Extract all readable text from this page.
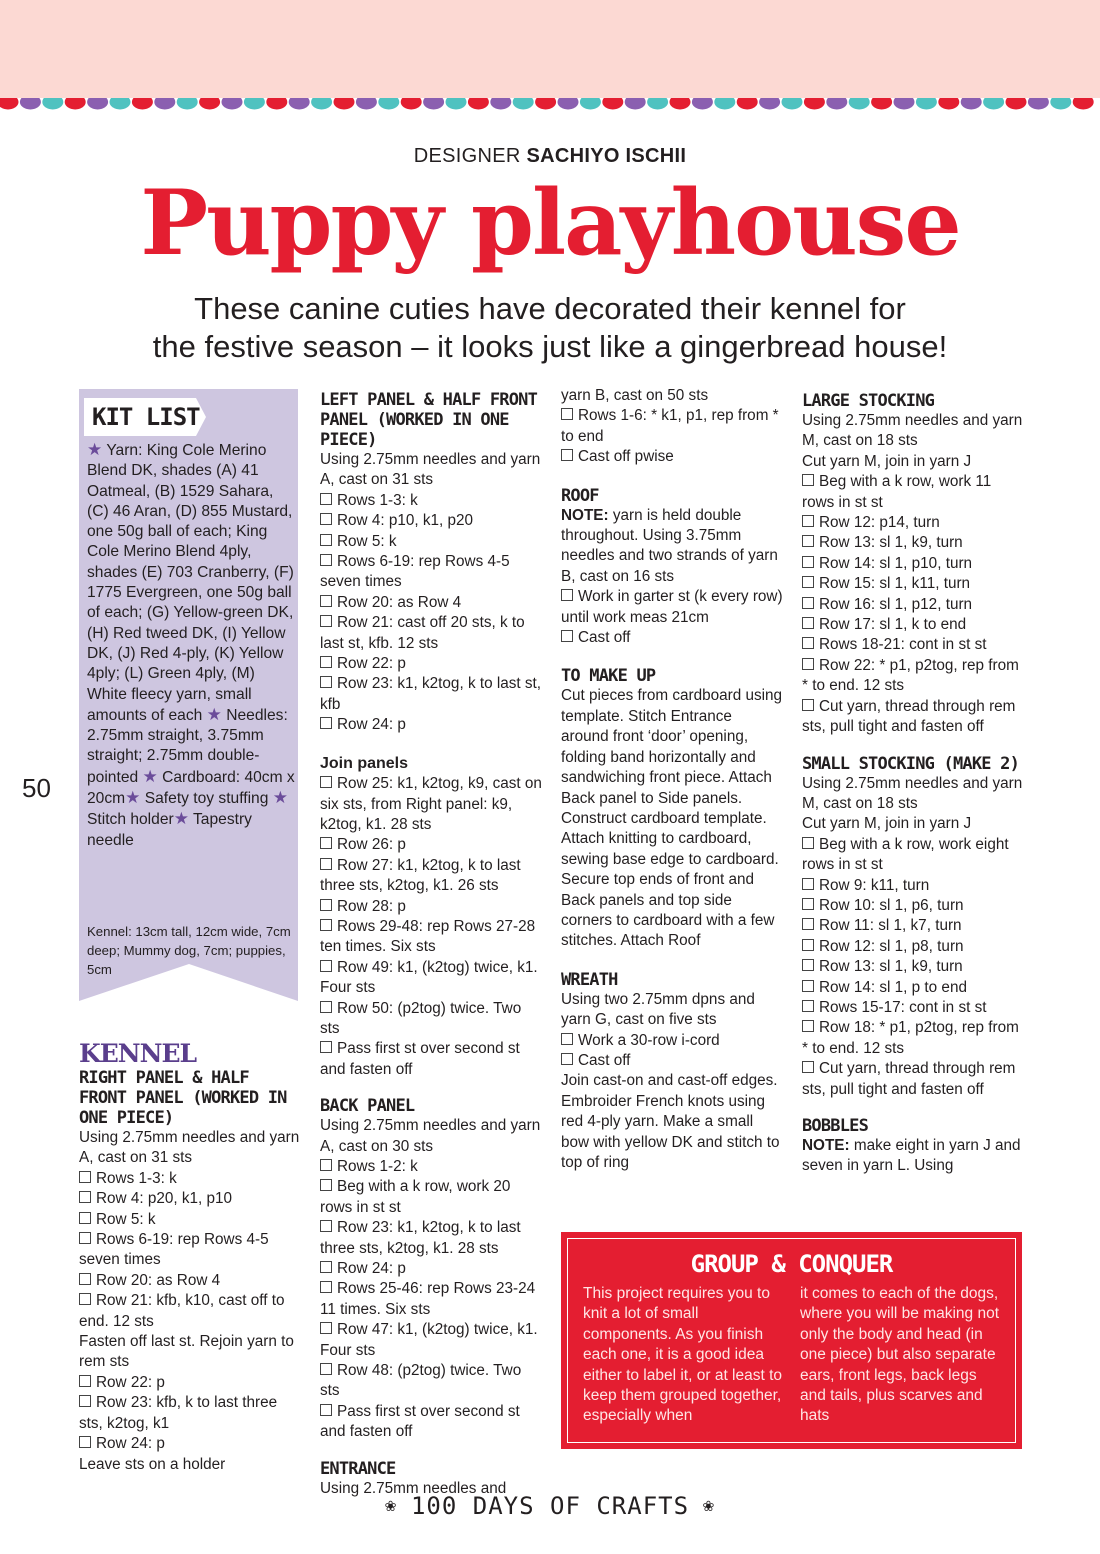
DESIGNER SACHIYO ISCHII
Puppy playhouse
These canine cuties have decorated their kennel for
the festive season – it looks just like a gingerbread house!
50
KIT LIST

★ Yarn: King Cole Merino Blend DK, shades (A) 41 Oatmeal, (B) 1529 Sahara, (C) 46 Aran, (D) 855 Mustard, one 50g ball of each; King Cole Merino Blend 4ply, shades (E) 703 Cranberry, (F) 1775 Evergreen, one 50g ball of each; (G) Yellow-green DK, (H) Red tweed DK, (I) Yellow DK, (J) Red 4-ply, (K) Yellow 4ply; (L) Green 4ply, (M) White fleecy yarn, small amounts of each ★ Needles: 2.75mm straight, 3.75mm straight; 2.75mm double-pointed ★ Cardboard: 40cm x 20cm★ Safety toy stuffing ★ Stitch holder★ Tapestry needle

Kennel: 13cm tall, 12cm wide, 7cm deep; Mummy dog, 7cm; puppies, 5cm
KENNEL

RIGHT PANEL & HALF FRONT PANEL (WORKED IN ONE PIECE)

Using 2.75mm needles and yarn A, cast on 31 sts

Rows 1-3: k

Row 4: p20, k1, p10

Row 5: k

Rows 6-19: rep Rows 4-5 seven times

Row 20: as Row 4

Row 21: kfb, k10, cast off to end. 12 sts

Fasten off last st. Rejoin yarn to rem sts

Row 22: p

Row 23: kfb, k to last three sts, k2tog, k1

Row 24: p

Leave sts on a holder

LEFT PANEL & HALF FRONT PANEL (WORKED IN ONE PIECE)

Using 2.75mm needles and yarn A, cast on 31 sts

Rows 1-3: k

Row 4: p10, k1, p20

Row 5: k

Rows 6-19: rep Rows 4-5 seven times

Row 20: as Row 4

Row 21: cast off 20 sts, k to last st, kfb. 12 sts

Row 22: p

Row 23: k1, k2tog, k to last st, kfb

Row 24: p

Join panels

Row 25: k1, k2tog, k9, cast on six sts, from Right panel: k9, k2tog, k1. 28 sts

Row 26: p

Row 27: k1, k2tog, k to last three sts, k2tog, k1. 26 sts

Row 28: p

Rows 29-48: rep Rows 27-28 ten times. Six sts

Row 49: k1, (k2tog) twice, k1. Four sts

Row 50: (p2tog) twice. Two sts

Pass first st over second st and fasten off

BACK PANEL

Using 2.75mm needles and yarn A, cast on 30 sts

Rows 1-2: k

Beg with a k row, work 20 rows in st st

Row 23: k1, k2tog, k to last three sts, k2tog, k1. 28 sts

Row 24: p

Rows 25-46: rep Rows 23-24 11 times. Six sts

Row 47: k1, (k2tog) twice, k1. Four sts

Row 48: (p2tog) twice. Two sts

Pass first st over second st and fasten off

ENTRANCE

Using 2.75mm needles and

yarn B, cast on 50 sts

Rows 1-6: * k1, p1, rep from * to end

Cast off pwise

ROOF

NOTE: yarn is held double throughout. Using 3.75mm needles and two strands of yarn B, cast on 16 sts

Work in garter st (k every row) until work meas 21cm

Cast off

TO MAKE UP

Cut pieces from cardboard using template. Stitch Entrance around front ‘door’ opening, folding band horizontally and sandwiching front piece. Attach Back panel to Side panels. Construct cardboard template. Attach knitting to cardboard, sewing base edge to cardboard. Secure top ends of front and Back panels and top side corners to cardboard with a few stitches. Attach Roof

WREATH

Using two 2.75mm dpns and yarn G, cast on five sts

Work a 30-row i-cord

Cast off

Join cast-on and cast-off edges. Embroider French knots using red 4-ply yarn. Make a small bow with yellow DK and stitch to top of ring

LARGE STOCKING

Using 2.75mm needles and yarn M, cast on 18 sts

Cut yarn M, join in yarn J

Beg with a k row, work 11 rows in st st

Row 12: p14, turn

Row 13: sl 1, k9, turn

Row 14: sl 1, p10, turn

Row 15: sl 1, k11, turn

Row 16: sl 1, p12, turn

Row 17: sl 1, k to end

Rows 18-21: cont in st st

Row 22: * p1, p2tog, rep from * to end. 12 sts

Cut yarn, thread through rem sts, pull tight and fasten off

SMALL STOCKING (MAKE 2)

Using 2.75mm needles and yarn M, cast on 18 sts

Cut yarn M, join in yarn J

Beg with a k row, work eight rows in st st

Row 9: k11, turn

Row 10: sl 1, p6, turn

Row 11: sl 1, k7, turn

Row 12: sl 1, p8, turn

Row 13: sl 1, k9, turn

Row 14: sl 1, p to end

Rows 15-17: cont in st st

Row 18: * p1, p2tog, rep from * to end. 12 sts

Cut yarn, thread through rem sts, pull tight and fasten off

BOBBLES

NOTE: make eight in yarn J and seven in yarn L. Using

GROUP & CONQUER
This project requires you to knit a lot of small components. As you finish each one, it is a good idea either to label it, or at least to keep them grouped together, especially when
it comes to each of the dogs, where you will be making not only the body and head (in one piece) but also separate ears, front legs, back legs and tails, plus scarves and hats
❀ 100 DAYS OF CRAFTS ❀
